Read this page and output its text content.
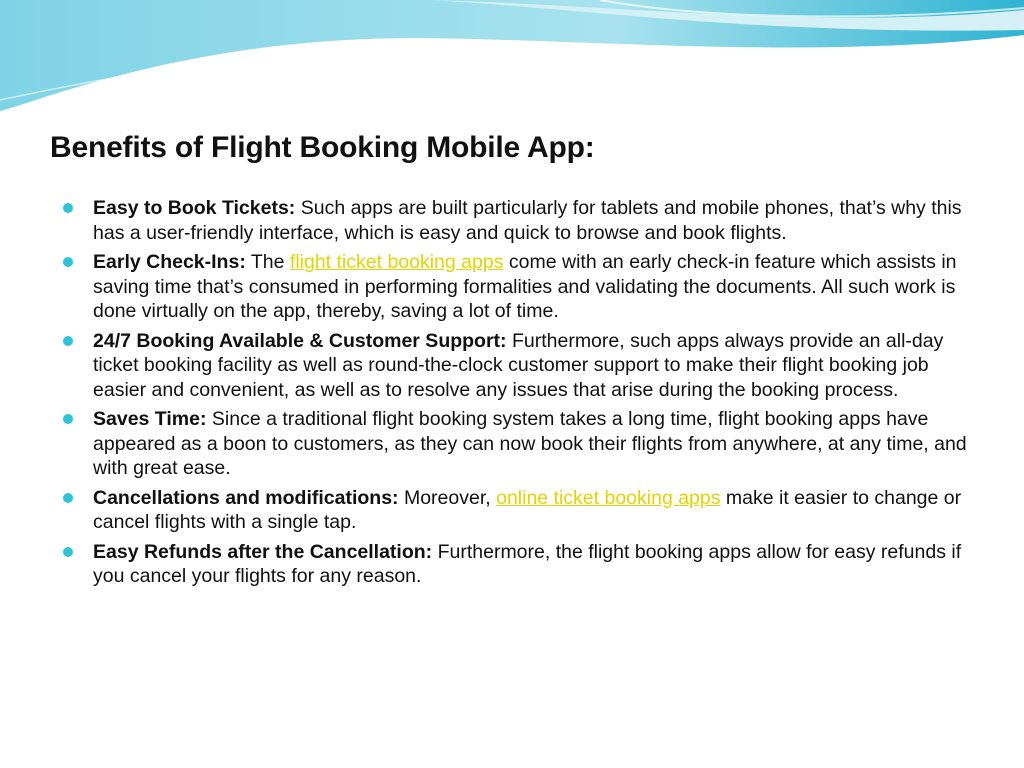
Benefits of Flight Booking Mobile App:
Easy to Book Tickets: Such apps are built particularly for tablets and mobile phones, that’s why this has a user-friendly interface, which is easy and quick to browse and book flights.
Early Check-Ins: The flight ticket booking apps come with an early check-in feature which assists in saving time that’s consumed in performing formalities and validating the documents. All such work is done virtually on the app, thereby, saving a lot of time.
24/7 Booking Available & Customer Support: Furthermore, such apps always provide an all-day ticket booking facility as well as round-the-clock customer support to make their flight booking job easier and convenient, as well as to resolve any issues that arise during the booking process.
Saves Time: Since a traditional flight booking system takes a long time, flight booking apps have appeared as a boon to customers, as they can now book their flights from anywhere, at any time, and with great ease.
Cancellations and modifications: Moreover, online ticket booking apps make it easier to change or cancel flights with a single tap.
Easy Refunds after the Cancellation: Furthermore, the flight booking apps allow for easy refunds if you cancel your flights for any reason.
